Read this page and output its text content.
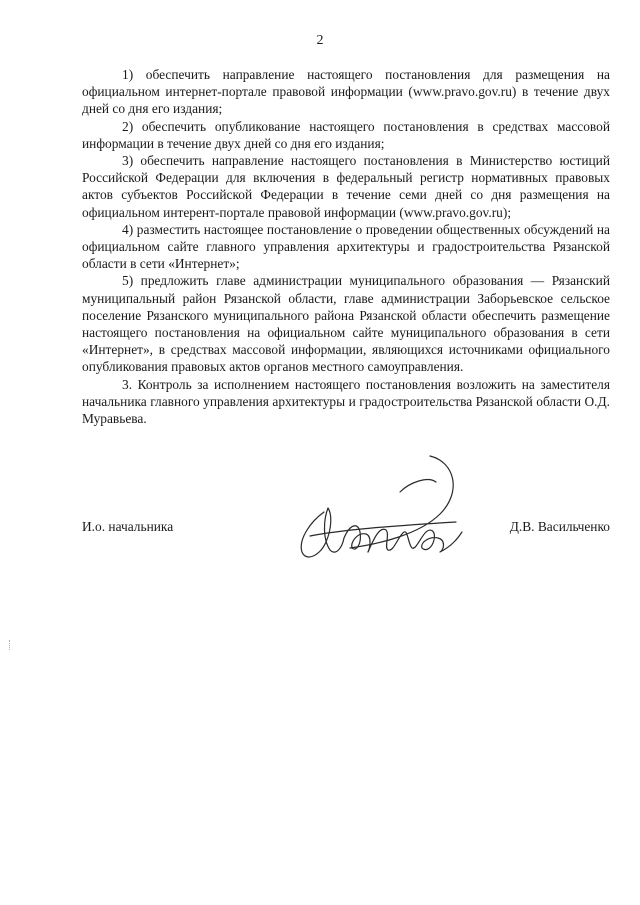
2

1) обеспечить направление настоящего постановления для размещения на официальном интернет-портале правовой информации (www.pravo.gov.ru) в течение двух дней со дня его издания;

2) обеспечить опубликование настоящего постановления в средствах массовой информации в течение двух дней со дня его издания;

3) обеспечить направление настоящего постановления в Министерство юстиций Российской Федерации для включения в федеральный регистр нормативных правовых актов субъектов Российской Федерации в течение семи дней со дня размещения на официальном интерент-портале правовой информации (www.pravo.gov.ru);

4) разместить настоящее постановление о проведении общественных обсуждений на официальном сайте главного управления архитектуры и градостроительства Рязанской области в сети «Интернет»;

5) предложить главе администрации муниципального образования — Рязанский муниципальный район Рязанской области, главе администрации Заборьевское сельское поселение Рязанского муниципального района Рязанской области обеспечить размещение настоящего постановления на официальном сайте муниципального образования в сети «Интернет», в средствах массовой информации, являющихся источниками официального опубликования правовых актов органов местного самоуправления.

3. Контроль за исполнением настоящего постановления возложить на заместителя начальника главного управления архитектуры и градостроительства Рязанской области О.Д. Муравьева.

И.о. начальника	Д.В. Васильченко
